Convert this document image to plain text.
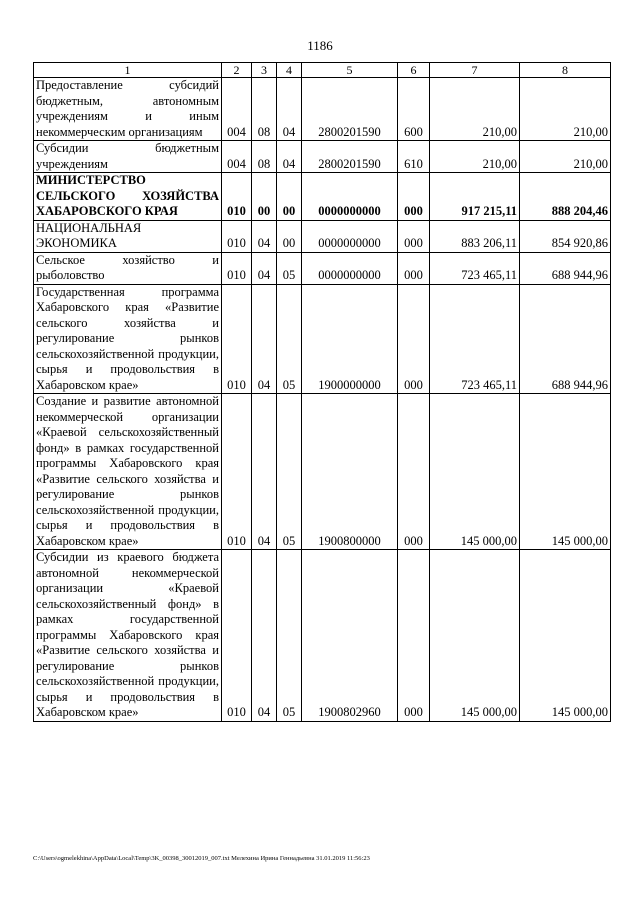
1186
1	2	3	4	5	6	7	8
Предоставление субсидий бюджетным, автономным учреждениям и иным некоммерческим организациям	004	08	04	2800201590	600	210,00	210,00
Субсидии бюджетным учреждениям	004	08	04	2800201590	610	210,00	210,00
МИНИСТЕРСТВО СЕЛЬСКОГО ХОЗЯЙСТВА ХАБАРОВСКОГО КРАЯ	010	00	00	0000000000	000	917 215,11	888 204,46
НАЦИОНАЛЬНАЯ ЭКОНОМИКА	010	04	00	0000000000	000	883 206,11	854 920,86
Сельское хозяйство и рыболовство	010	04	05	0000000000	000	723 465,11	688 944,96
Государственная программа Хабаровского края «Развитие сельского хозяйства и регулирование рынков сельскохозяйственной продукции, сырья и продовольствия в Хабаровском крае»	010	04	05	1900000000	000	723 465,11	688 944,96
Создание и развитие автономной некоммерческой организации «Краевой сельскохозяйственный фонд» в рамках государственной программы Хабаровского края «Развитие сельского хозяйства и регулирование рынков сельскохозяйственной продукции, сырья и продовольствия в Хабаровском крае»	010	04	05	1900800000	000	145 000,00	145 000,00
Субсидии из краевого бюджета автономной некоммерческой организации «Краевой сельскохозяйственный фонд» в рамках государственной программы Хабаровского края «Развитие сельского хозяйства и регулирование рынков сельскохозяйственной продукции, сырья и продовольствия в Хабаровском крае»	010	04	05	1900802960	000	145 000,00	145 000,00
C:\Users\ogmelekhina\AppData\Local\Temp\3K_00398_30012019_007.txt Мелехина Ирина Геннадьевна 31.01.2019 11:56:23
